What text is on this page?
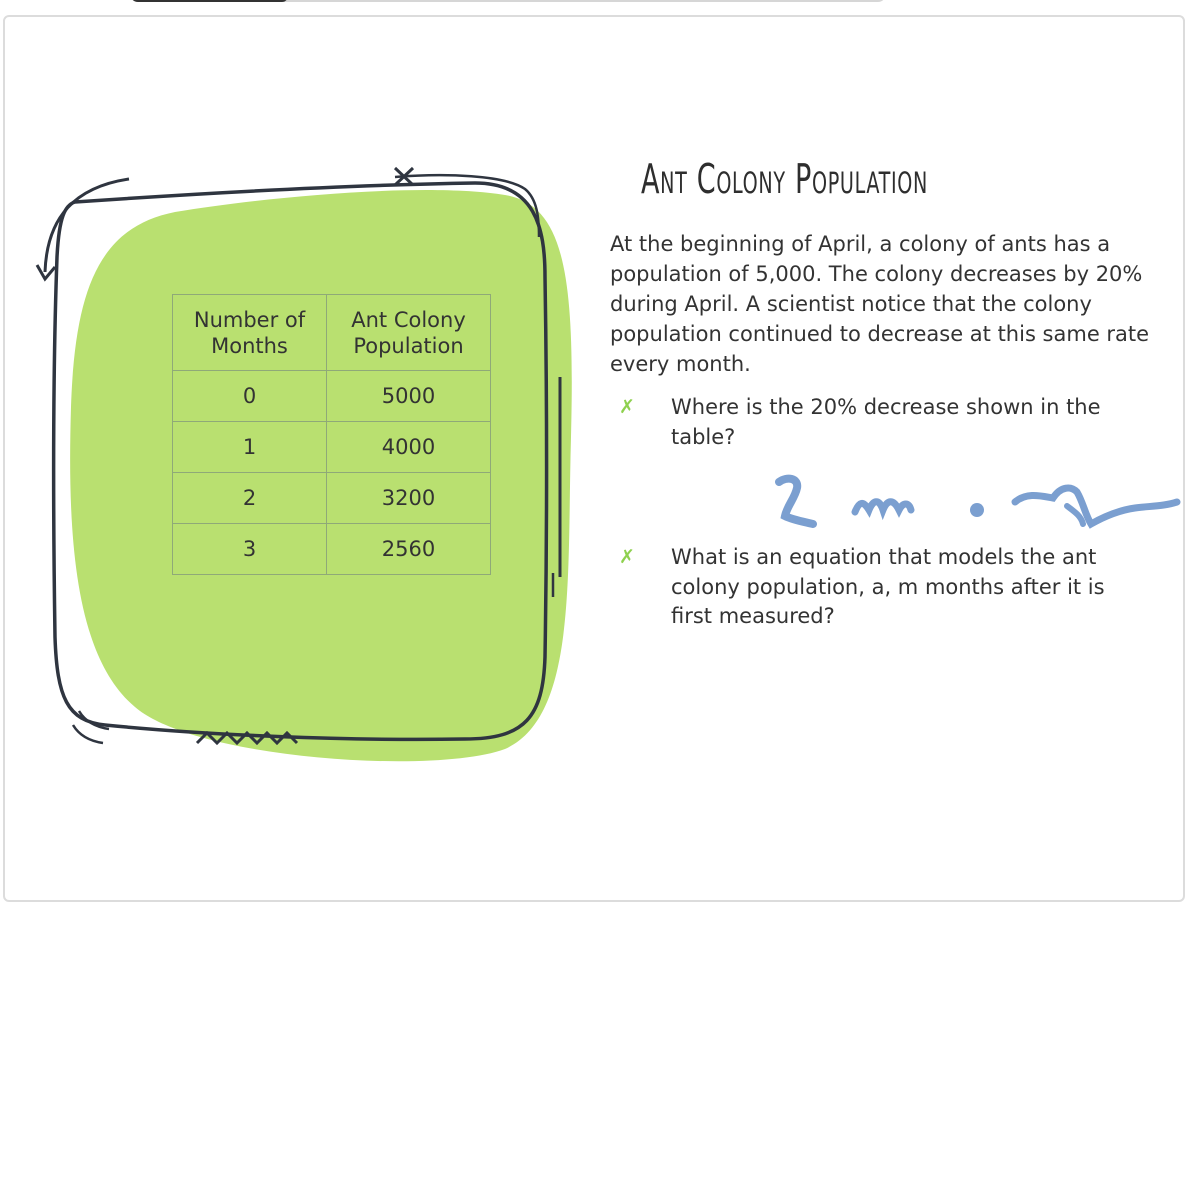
Number of Months	Ant Colony Population
0	5000
1	4000
2	3200
3	2560
Ant Colony Population
At the beginning of April, a colony of ants has a population of 5,000. The colony decreases by 20% during April. A scientist notice that the colony population continued to decrease at this same rate every month.
✗	Where is the 20% decrease shown in the table?
✗	What is an equation that models the ant colony population, a, m months after it is first measured?
